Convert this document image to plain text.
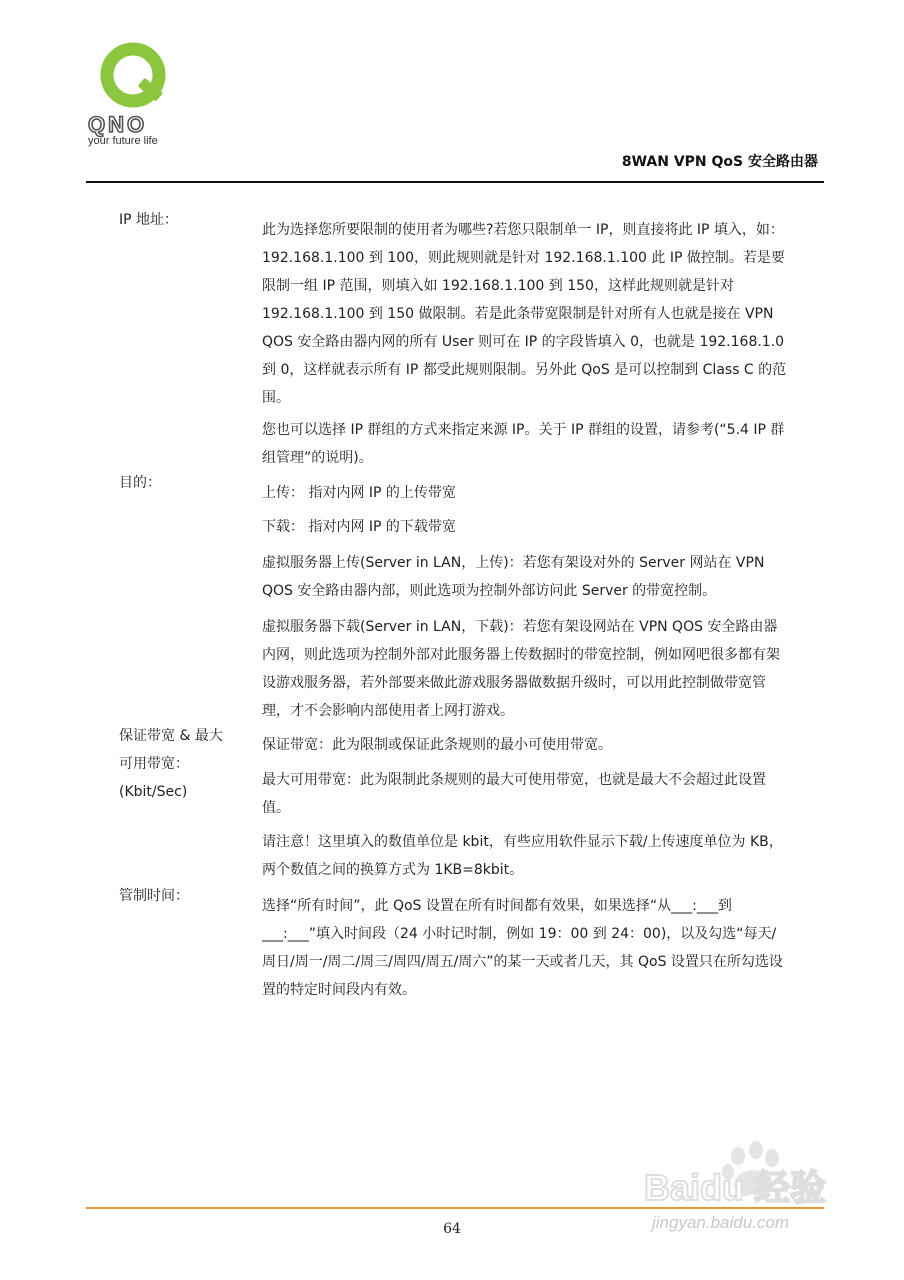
QNO
your future life
8WAN VPN QoS 安全路由器
IP 地址：
目的：
保证带宽 & 最大
可用带宽：
(Kbit/Sec)
管制时间：
此为选择您所要限制的使用者为哪些?若您只限制单一 IP，则直接将此 IP 填入，如：192.168.1.100 到 100，则此规则就是针对 192.168.1.100 此 IP 做控制。若是要限制一组 IP 范围，则填入如 192.168.1.100 到 150，这样此规则就是针对 192.168.1.100 到 150 做限制。若是此条带宽限制是针对所有人也就是接在 VPN QOS 安全路由器内网的所有 User 则可在 IP 的字段皆填入 0，也就是 192.168.1.0 到 0，这样就表示所有 IP 都受此规则限制。另外此 QoS 是可以控制到 Class C 的范围。
您也可以选择 IP 群组的方式来指定来源 IP。关于 IP 群组的设置，请参考(“5.4 IP 群组管理”的说明)。
上传： 指对内网 IP 的上传带宽
下载： 指对内网 IP 的下载带宽
虚拟服务器上传(Server in LAN，上传)：若您有架设对外的 Server 网站在 VPN QOS 安全路由器内部，则此选项为控制外部访问此 Server 的带宽控制。
虚拟服务器下载(Server in LAN，下载)：若您有架设网站在 VPN QOS 安全路由器内网，则此选项为控制外部对此服务器上传数据时的带宽控制，例如网吧很多都有架设游戏服务器，若外部要来做此游戏服务器做数据升级时，可以用此控制做带宽管理，才不会影响内部使用者上网打游戏。
保证带宽：此为限制或保证此条规则的最小可使用带宽。
最大可用带宽：此为限制此条规则的最大可使用带宽，也就是最大不会超过此设置值。
请注意！这里填入的数值单位是 kbit，有些应用软件显示下载/上传速度单位为 KB，两个数值之间的换算方式为 1KB=8kbit。
选择“所有时间”，此 QoS 设置在所有时间都有效果，如果选择“从___:___到___:___”填入时间段（24 小时记时制，例如 19：00 到 24：00)，以及勾选“每天/周日/周一/周二/周三/周四/周五/周六”的某一天或者几天，其 QoS 设置只在所勾选设置的特定时间段内有效。
64
Baidu 经验
jingyan.baidu.com
